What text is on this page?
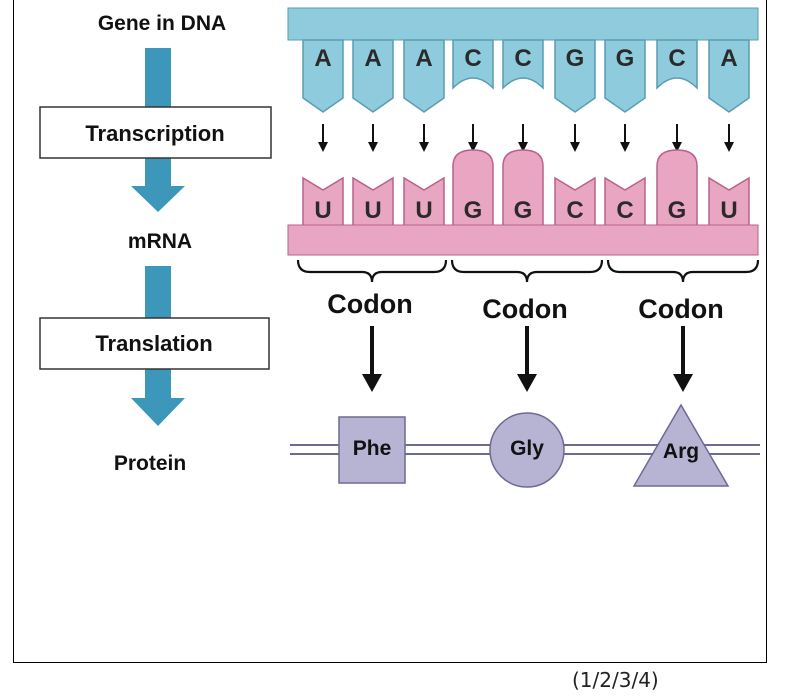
Gene in DNA
Transcription
mRNA
Translation
Protein
A A A C C G G C A
U U U G G C C G U
Codon	Codon	Codon
Phe	Gly	Arg
(1/2/3/4)
